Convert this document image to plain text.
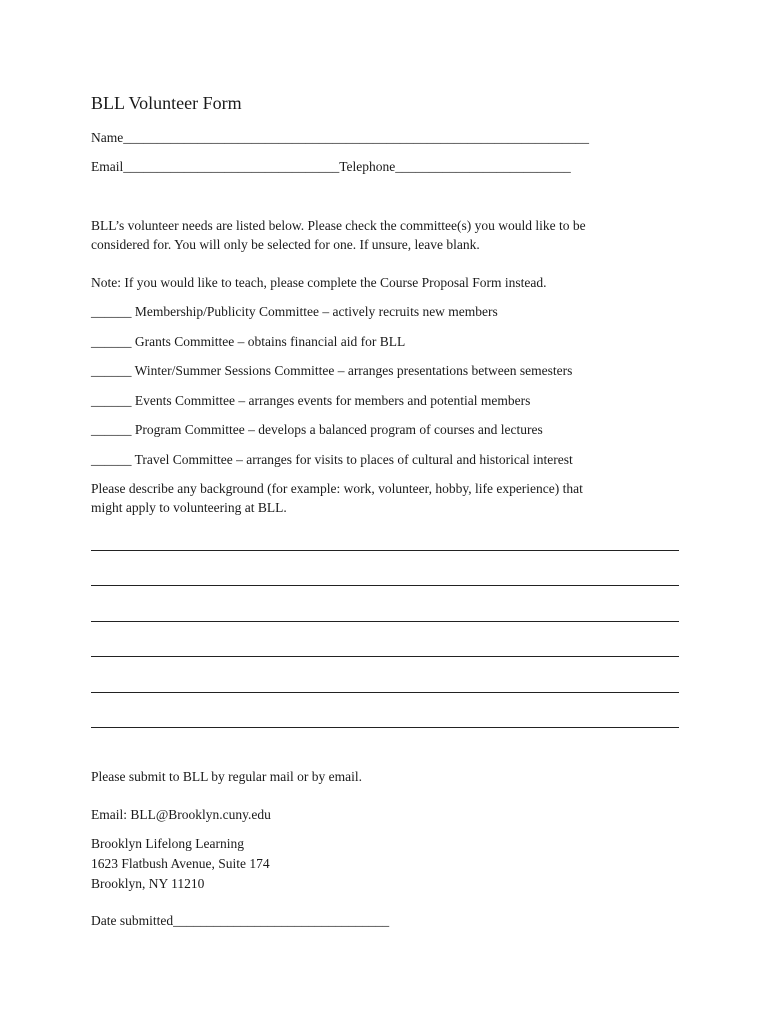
BLL Volunteer Form
Name_____________________________________________________________________
Email________________________________Telephone__________________________
BLL’s volunteer needs are listed below. Please check the committee(s) you would like to be
considered for. You will only be selected for one. If unsure, leave blank.
Note: If you would like to teach, please complete the Course Proposal Form instead.
______ Membership/Publicity Committee – actively recruits new members
______ Grants Committee – obtains financial aid for BLL
______ Winter/Summer Sessions Committee – arranges presentations between semesters
______ Events Committee – arranges events for members and potential members
______ Program Committee – develops a balanced program of courses and lectures
______ Travel Committee – arranges for visits to places of cultural and historical interest
Please describe any background (for example: work, volunteer, hobby, life experience) that
might apply to volunteering at BLL.
Please submit to BLL by regular mail or by email.
Email: BLL@Brooklyn.cuny.edu
Brooklyn Lifelong Learning
1623 Flatbush Avenue, Suite 174
Brooklyn, NY 11210
Date submitted________________________________
